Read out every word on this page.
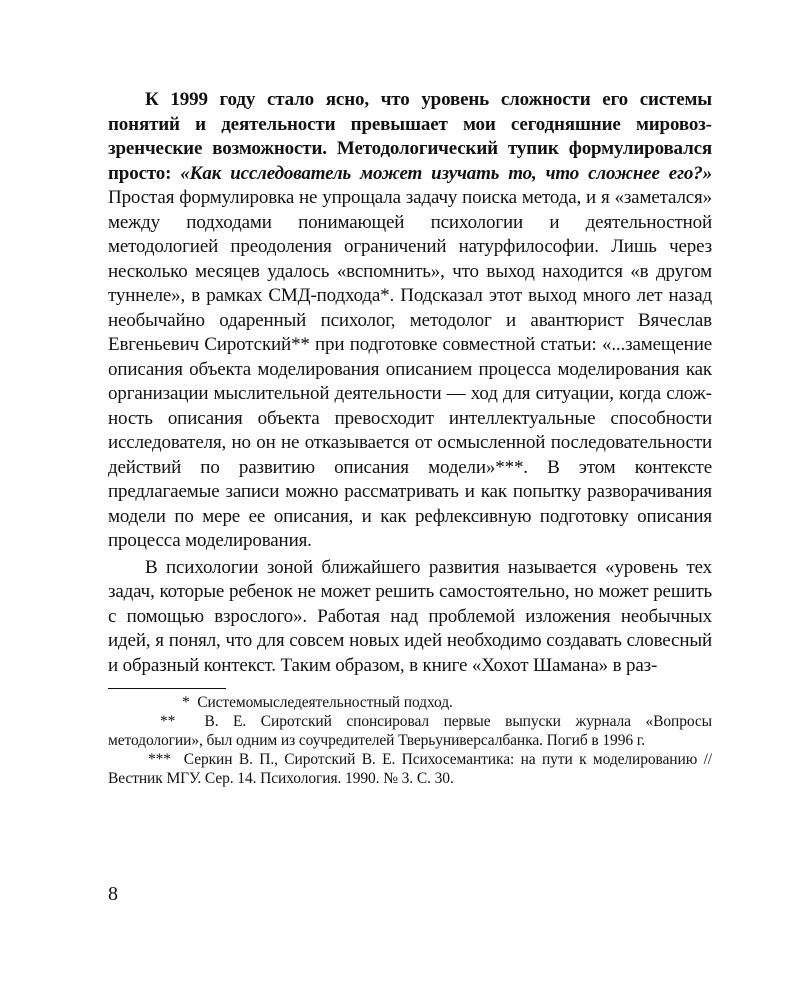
К 1999 году стало ясно, что уровень сложности его системы понятий и деятельности превышает мои сегодняшние мировоззренческие возможности. Методологический тупик формулировался просто: «Как исследователь может изучать то, что сложнее его?» Простая формулировка не упрощала задачу поиска метода, и я «заметался» между подходами понимающей психологии и деятельностной методологией преодоления ограничений натурфилософии. Лишь через несколько месяцев удалось «вспомнить», что выход находится «в другом туннеле», в рамках СМД-подхода*. Подсказал этот выход много лет назад необычайно одаренный психолог, методолог и авантюрист Вячеслав Евгеньевич Сиротский** при подготовке совместной статьи: «...замещение описания объекта моделирования описанием процесса моделирования как организации мыслительной деятельности — ход для ситуации, когда сложность описания объекта превосходит интеллектуальные способности исследователя, но он не отказывается от осмысленной последовательности действий по развитию описания модели»***. В этом контексте предлагаемые записи можно рассматривать и как попытку разворачивания модели по мере ее описания, и как рефлексивную подготовку описания процесса моделирования.

В психологии зоной ближайшего развития называется «уровень тех задач, которые ребенок не может решить самостоятельно, но может решить с помощью взрослого». Работая над проблемой изложения необычных идей, я понял, что для совсем новых идей необходимо создавать словесный и образный контекст. Таким образом, в книге «Хохот Шамана» в раз-

* Системомыследеятельностный подход.

** В. Е. Сиротский спонсировал первые выпуски журнала «Вопросы методологии», был одним из соучредителей Тверьуниверсалбанка. Погиб в 1996 г.

*** Серкин В. П., Сиротский В. Е. Психосемантика: на пути к моделированию // Вестник МГУ. Сер. 14. Психология. 1990. № 3. С. 30.

8
